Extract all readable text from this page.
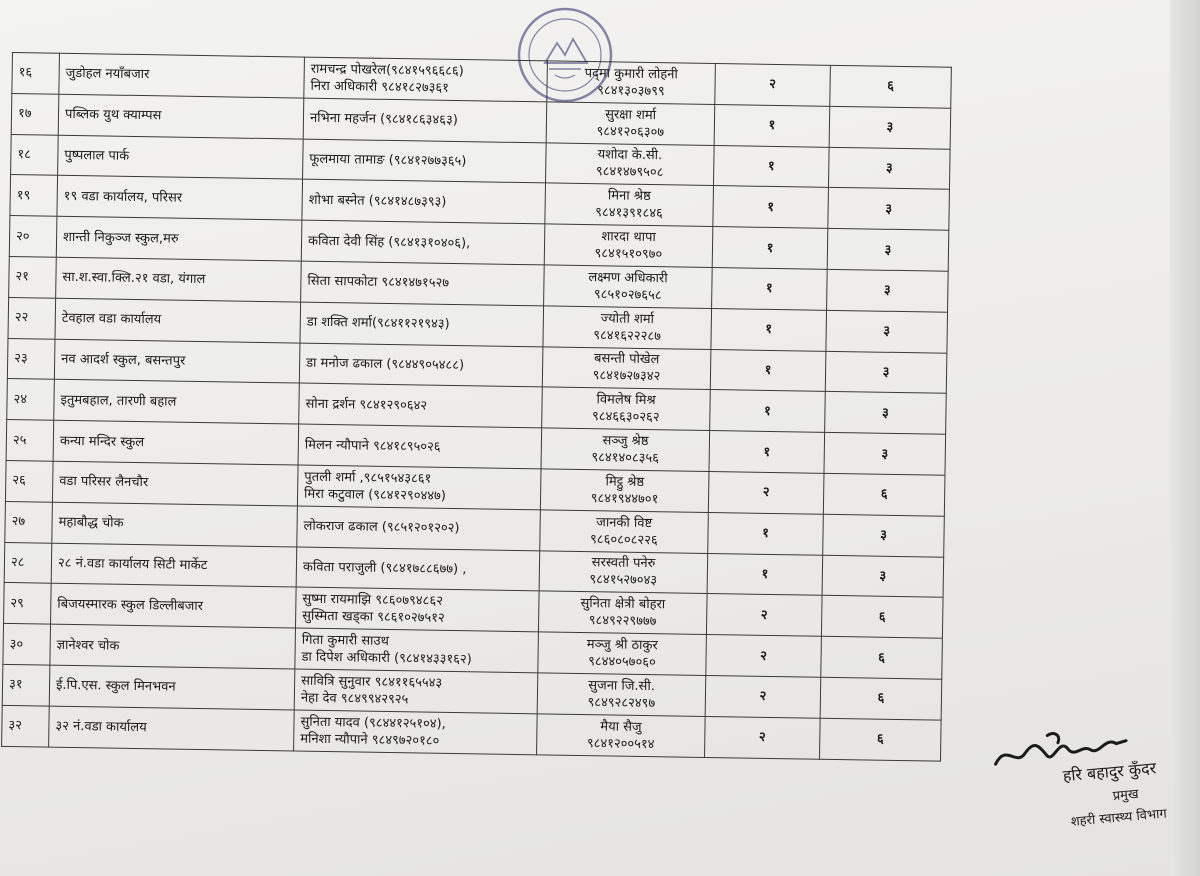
१६	जुडोहल नयाँबजार	रामचन्द्र पोखरेल(९८४१५९६६८६)
निरा अधिकारी ९८४१८२७३६१	पद्‌मा कुमारी लोहनी
९८४१३०३७९९	२	६
१७	पब्लिक युथ क्याम्पस	नभिना महर्जन (९८४१८६३४६३)	सुरक्षा शर्मा
९८४१२०६३०७	१	३
१८	पुष्पलाल पार्क	फूलमाया तामाङ (९८४१२७७३६५)	यशोदा के.सी.
९८४१४७९५०८	१	३
१९	१९ वडा कार्यालय, परिसर	शोभा बस्नेत (९८४१४८७३९३)	मिना श्रेष्ठ
९८४१३९१८४६	१	३
२०	शान्ती निकुञ्ज स्कुल,मरु	कविता देवी सिंह (९८४१३१०४०६),	शारदा थापा
९८४१५१०९७०	१	३
२१	सा.श.स्वा.क्लि.२१ वडा, यंगाल	सिता सापकोटा ९८४१४७१५२७	लक्ष्मण अधिकारी
९८५१०२७६५८	१	३
२२	टेवहाल वडा कार्यालय	डा शक्ति शर्मा(९८४११२१९४३)	ज्योती शर्मा
९८४१६२२२८७	१	३
२३	नव आदर्श स्कुल, बसन्तपुर	डा मनोज ढकाल (९८४४९०५४८८)	बसन्ती पोखेल
९८४१७२७३४२	१	३
२४	इतुमबहाल, तारणी बहाल	सोना द्रर्शन ९८४१२९०६४२	विमलेष मिश्र
९८४६६३०२६२	१	३
२५	कन्या मन्दिर स्कुल	मिलन न्यौपाने ९८४१८९५०२६	सञ्जु श्रेष्ठ
९८४१४०८३५६	१	३
२६	वडा परिसर लैनचौर	पुतली शर्मा ,९८५१५४३८६१
मिरा कटुवाल (९८४१२९०४४७)	मिट्ठु श्रेष्ठ
९८४१९४४७०१	२	६
२७	महाबौद्ध चोक	लोकराज ढकाल (९८५१२०१२०२)	जानकी विष्ट
९८६०८०८२२६	१	३
२८	२८ नं.वडा कार्यालय सिटी मार्केट	कविता पराजुली (९८४१७८८६७७) ,	सरस्वती पनेरु
९८४१५२७०४३	१	३
२९	बिजयस्मारक स्कुल डिल्लीबजार	सुष्मा रायमाझि ९८६०७९४८६२
सुस्मिता खड्का ९८६१०२७५१२	सुनिता क्षेत्री बोहरा
९८४९२२९७७७	२	६
३०	ज्ञानेश्वर चोक	गिता कुमारी साउथ
डा दिपेश अधिकारी (९८४१४३३१६२)	मञ्जु श्री ठाकुर
९८४४०५७०६०	२	६
३१	ई.पि.एस. स्कुल मिनभवन	सावित्रि सुनुवार ९८४११६५५४३
नेहा देव ९८४९९४२९२५	सुजना जि.सी.
९८४९२८२४९७	२	६
३२	३२ नं.वडा कार्यालय	सुनिता यादव (९८४४१२५१०४),
मनिशा न्यौपाने ९८४९७२०१८०	मैया सैजु
९८४१२००५१४	२	६
हरि बहादुर कुँदर
प्रमुख
शहरी स्वास्थ्य विभाग
